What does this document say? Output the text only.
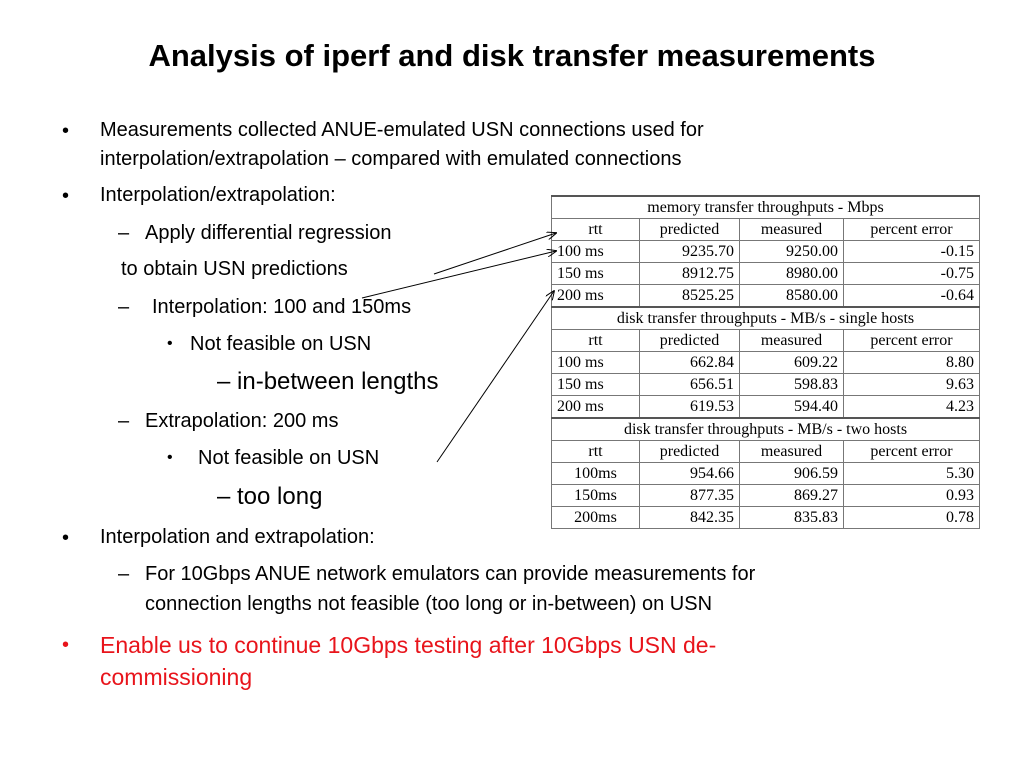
Analysis of iperf and disk transfer measurements
• Measurements collected ANUE-emulated USN connections used for
interpolation/extrapolation – compared with emulated connections
• Interpolation/extrapolation:
– Apply differential regression
to obtain USN predictions
– Interpolation: 100 and 150ms
• Not feasible on USN
– in-between lengths
– Extrapolation: 200 ms
• Not feasible on USN
– too long
• Interpolation and extrapolation:
– For 10Gbps ANUE network emulators can provide measurements for
connection lengths not feasible (too long or in-between) on USN
• Enable us to continue 10Gbps testing after 10Gbps USN de-
commissioning
memory transfer throughputs - Mbps			
rtt	predicted	measured	percent error
100 ms	9235.70	9250.00	-0.15
150 ms	8912.75	8980.00	-0.75
200 ms	8525.25	8580.00	-0.64
disk transfer throughputs - MB/s - single hosts			
rtt	predicted	measured	percent error
100 ms	662.84	609.22	8.80
150 ms	656.51	598.83	9.63
200 ms	619.53	594.40	4.23
disk transfer throughputs - MB/s - two hosts			
rtt	predicted	measured	percent error
100ms	954.66	906.59	5.30
150ms	877.35	869.27	0.93
200ms	842.35	835.83	0.78
